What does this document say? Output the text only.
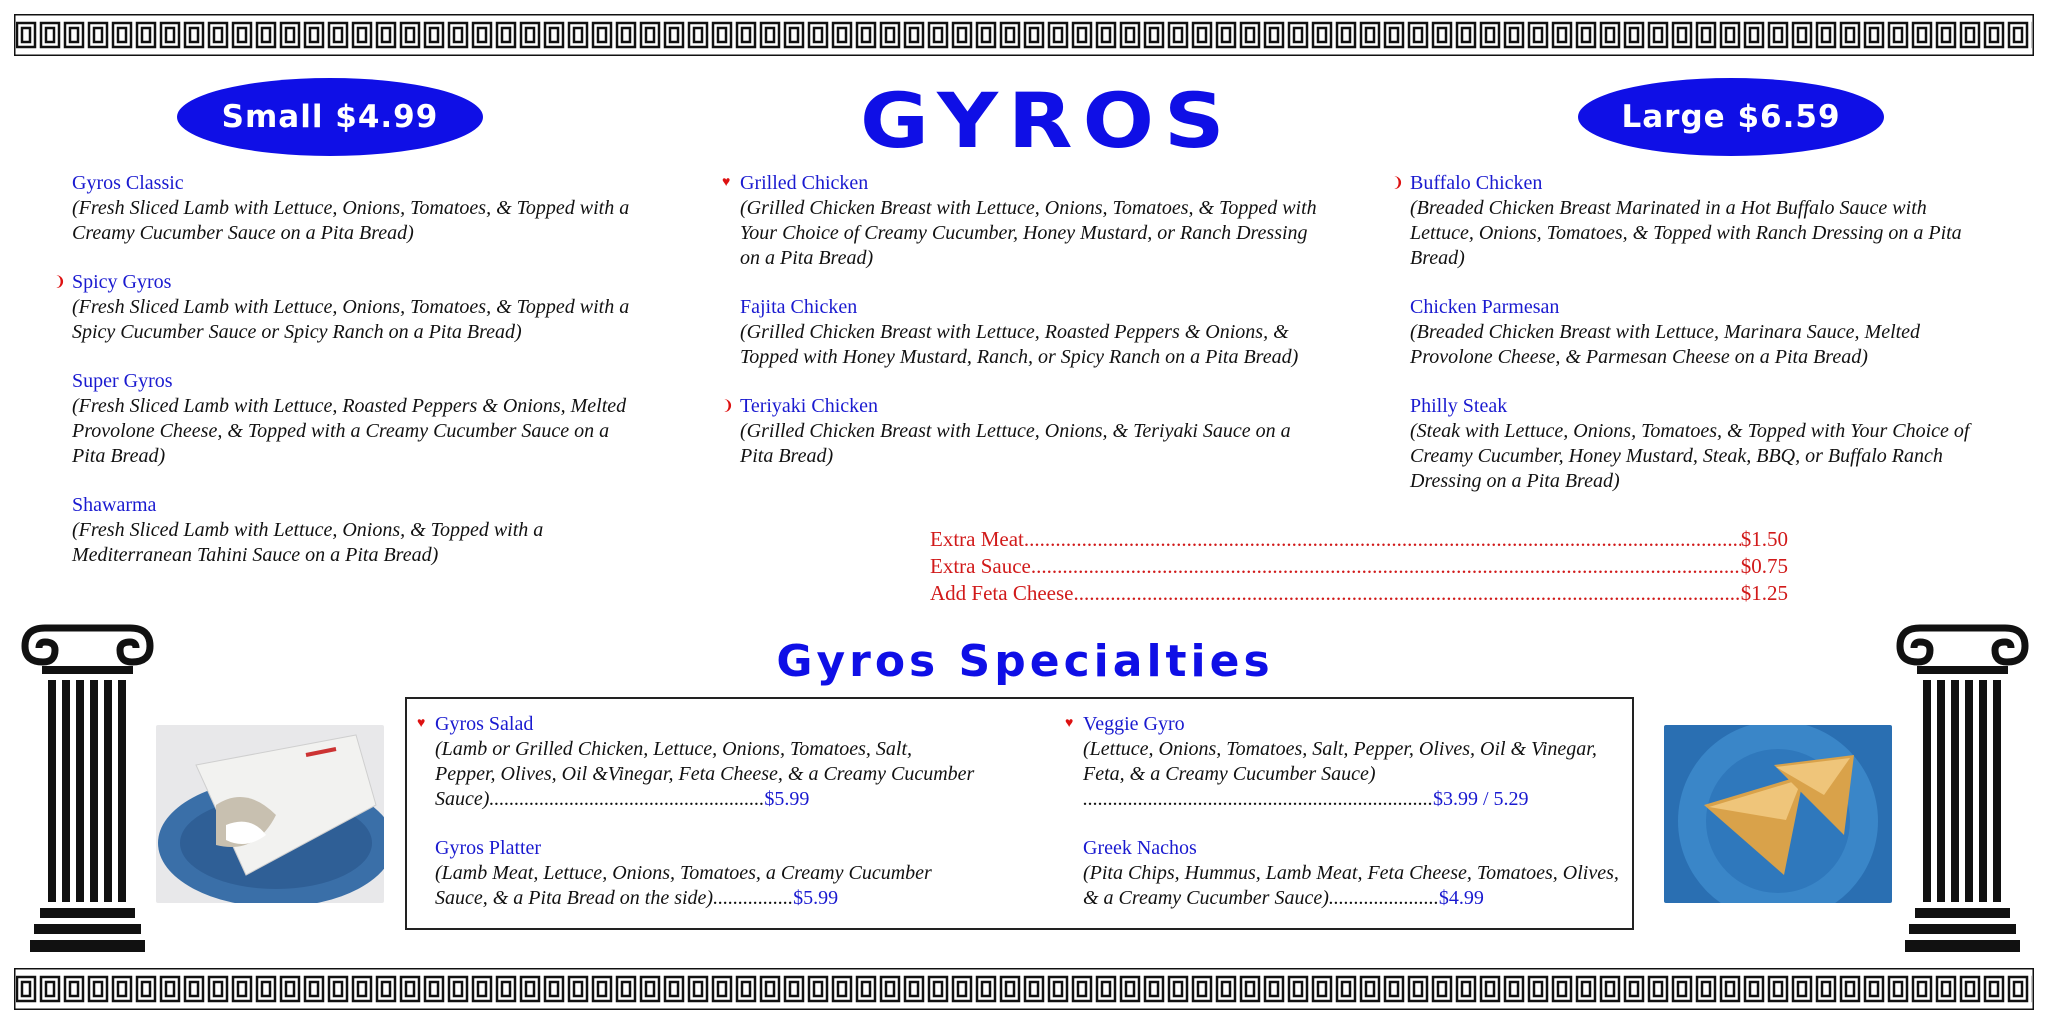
Small $4.99	GYROS	Large $6.59
Gyros Classic
(Fresh Sliced Lamb with Lettuce, Onions, Tomatoes, & Topped with a Creamy Cucumber Sauce on a Pita Bread)
❩ Spicy Gyros
(Fresh Sliced Lamb with Lettuce, Onions, Tomatoes, & Topped with a Spicy Cucumber Sauce or Spicy Ranch on a Pita Bread)
Super Gyros
(Fresh Sliced Lamb with Lettuce, Roasted Peppers & Onions, Melted Provolone Cheese, & Topped with a Creamy Cucumber Sauce on a Pita Bread)
Shawarma
(Fresh Sliced Lamb with Lettuce, Onions, & Topped with a Mediterranean Tahini Sauce on a Pita Bread)
♥ Grilled Chicken
(Grilled Chicken Breast with Lettuce, Onions, Tomatoes, & Topped with Your Choice of Creamy Cucumber, Honey Mustard, or Ranch Dressing on a Pita Bread)
Fajita Chicken
(Grilled Chicken Breast with Lettuce, Roasted Peppers & Onions, & Topped with Honey Mustard, Ranch, or Spicy Ranch on a Pita Bread)
❩ Teriyaki Chicken
(Grilled Chicken Breast with Lettuce, Onions, & Teriyaki Sauce on a Pita Bread)
❩ Buffalo Chicken
(Breaded Chicken Breast Marinated in a Hot Buffalo Sauce with Lettuce, Onions, Tomatoes, & Topped with Ranch Dressing on a Pita Bread)
Chicken Parmesan
(Breaded Chicken Breast with Lettuce, Marinara Sauce, Melted Provolone Cheese, & Parmesan Cheese on a Pita Bread)
Philly Steak
(Steak with Lettuce, Onions, Tomatoes, & Topped with Your Choice of Creamy Cucumber, Honey Mustard, Steak, BBQ, or Buffalo Ranch Dressing on a Pita Bread)
Extra Meat .....	$1.50
Extra Sauce .....	$0.75
Add Feta Cheese .....	$1.25
Gyros Specialties
♥ Gyros Salad
(Lamb or Grilled Chicken, Lettuce, Onions, Tomatoes, Salt, Pepper, Olives, Oil &Vinegar, Feta Cheese, & a Creamy Cucumber Sauce).......................................................$5.99
Gyros Platter
(Lamb Meat, Lettuce, Onions, Tomatoes, a Creamy Cucumber Sauce, & a Pita Bread on the side)................$5.99
♥ Veggie Gyro
(Lettuce, Onions, Tomatoes, Salt, Pepper, Olives, Oil & Vinegar, Feta, & a Creamy Cucumber Sauce) ......................................................................$3.99 / 5.29
Greek Nachos
(Pita Chips, Hummus, Lamb Meat, Feta Cheese, Tomatoes, Olives, & a Creamy Cucumber Sauce)......................$4.99
